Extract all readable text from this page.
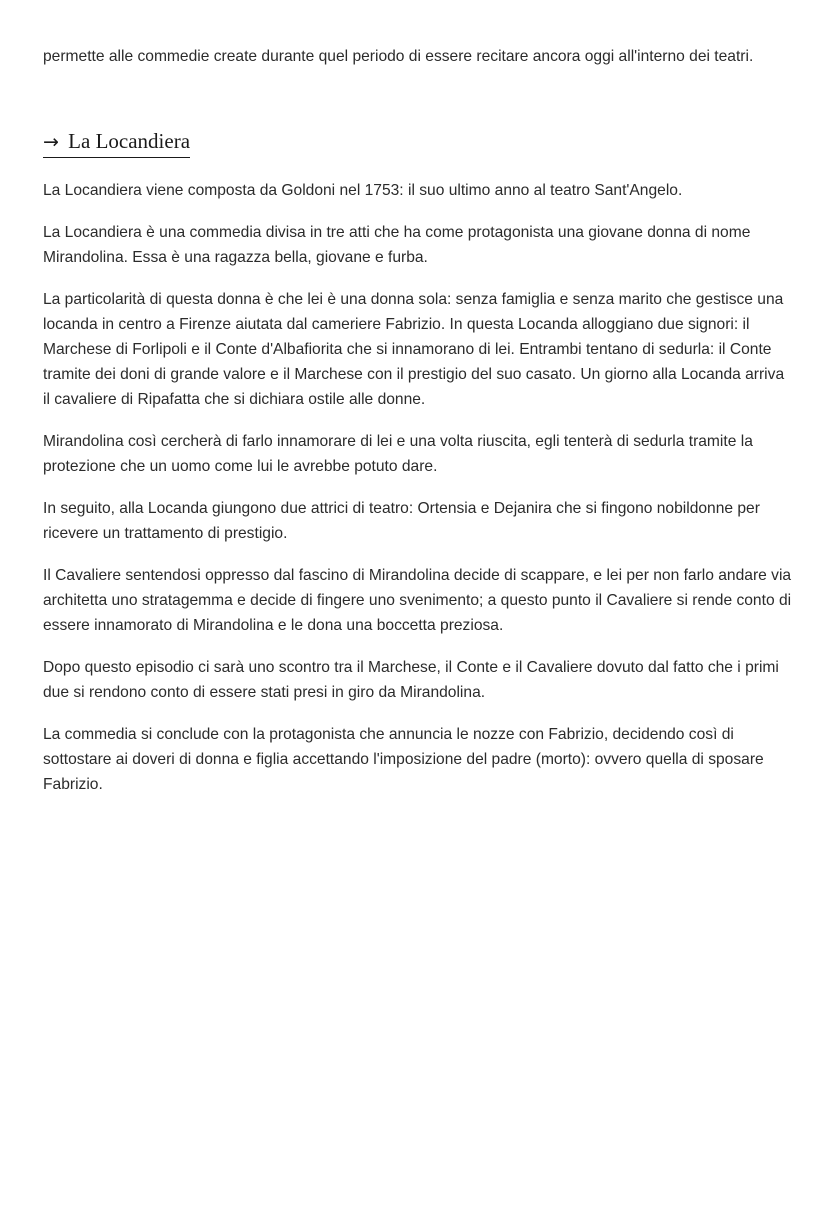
permette alle commedie create durante quel periodo di essere recitare ancora oggi all'interno dei teatri.

→ La Locandiera

La Locandiera viene composta da Goldoni nel 1753: il suo ultimo anno al teatro Sant'Angelo.

La Locandiera è una commedia divisa in tre atti che ha come protagonista una giovane donna di nome Mirandolina. Essa è una ragazza bella, giovane e furba.

La particolarità di questa donna è che lei è una donna sola: senza famiglia e senza marito che gestisce una locanda in centro a Firenze aiutata dal cameriere Fabrizio. In questa Locanda alloggiano due signori: il Marchese di Forlipoli e il Conte d'Albafiorita che si innamorano di lei. Entrambi tentano di sedurla: il Conte tramite dei doni di grande valore e il Marchese con il prestigio del suo casato. Un giorno alla Locanda arriva il cavaliere di Ripafatta che si dichiara ostile alle donne.

Mirandolina così cercherà di farlo innamorare di lei e una volta riuscita, egli tenterà di sedurla tramite la protezione che un uomo come lui le avrebbe potuto dare.

In seguito, alla Locanda giungono due attrici di teatro: Ortensia e Dejanira che si fingono nobildonne per ricevere un trattamento di prestigio.

Il Cavaliere sentendosi oppresso dal fascino di Mirandolina decide di scappare, e lei per non farlo andare via architetta uno stratagemma e decide di fingere uno svenimento; a questo punto il Cavaliere si rende conto di essere innamorato di Mirandolina e le dona una boccetta preziosa.

Dopo questo episodio ci sarà uno scontro tra il Marchese, il Conte e il Cavaliere dovuto dal fatto che i primi due si rendono conto di essere stati presi in giro da Mirandolina.

La commedia si conclude con la protagonista che annuncia le nozze con Fabrizio, decidendo così di sottostare ai doveri di donna e figlia accettando l'imposizione del padre (morto): ovvero quella di sposare Fabrizio.
